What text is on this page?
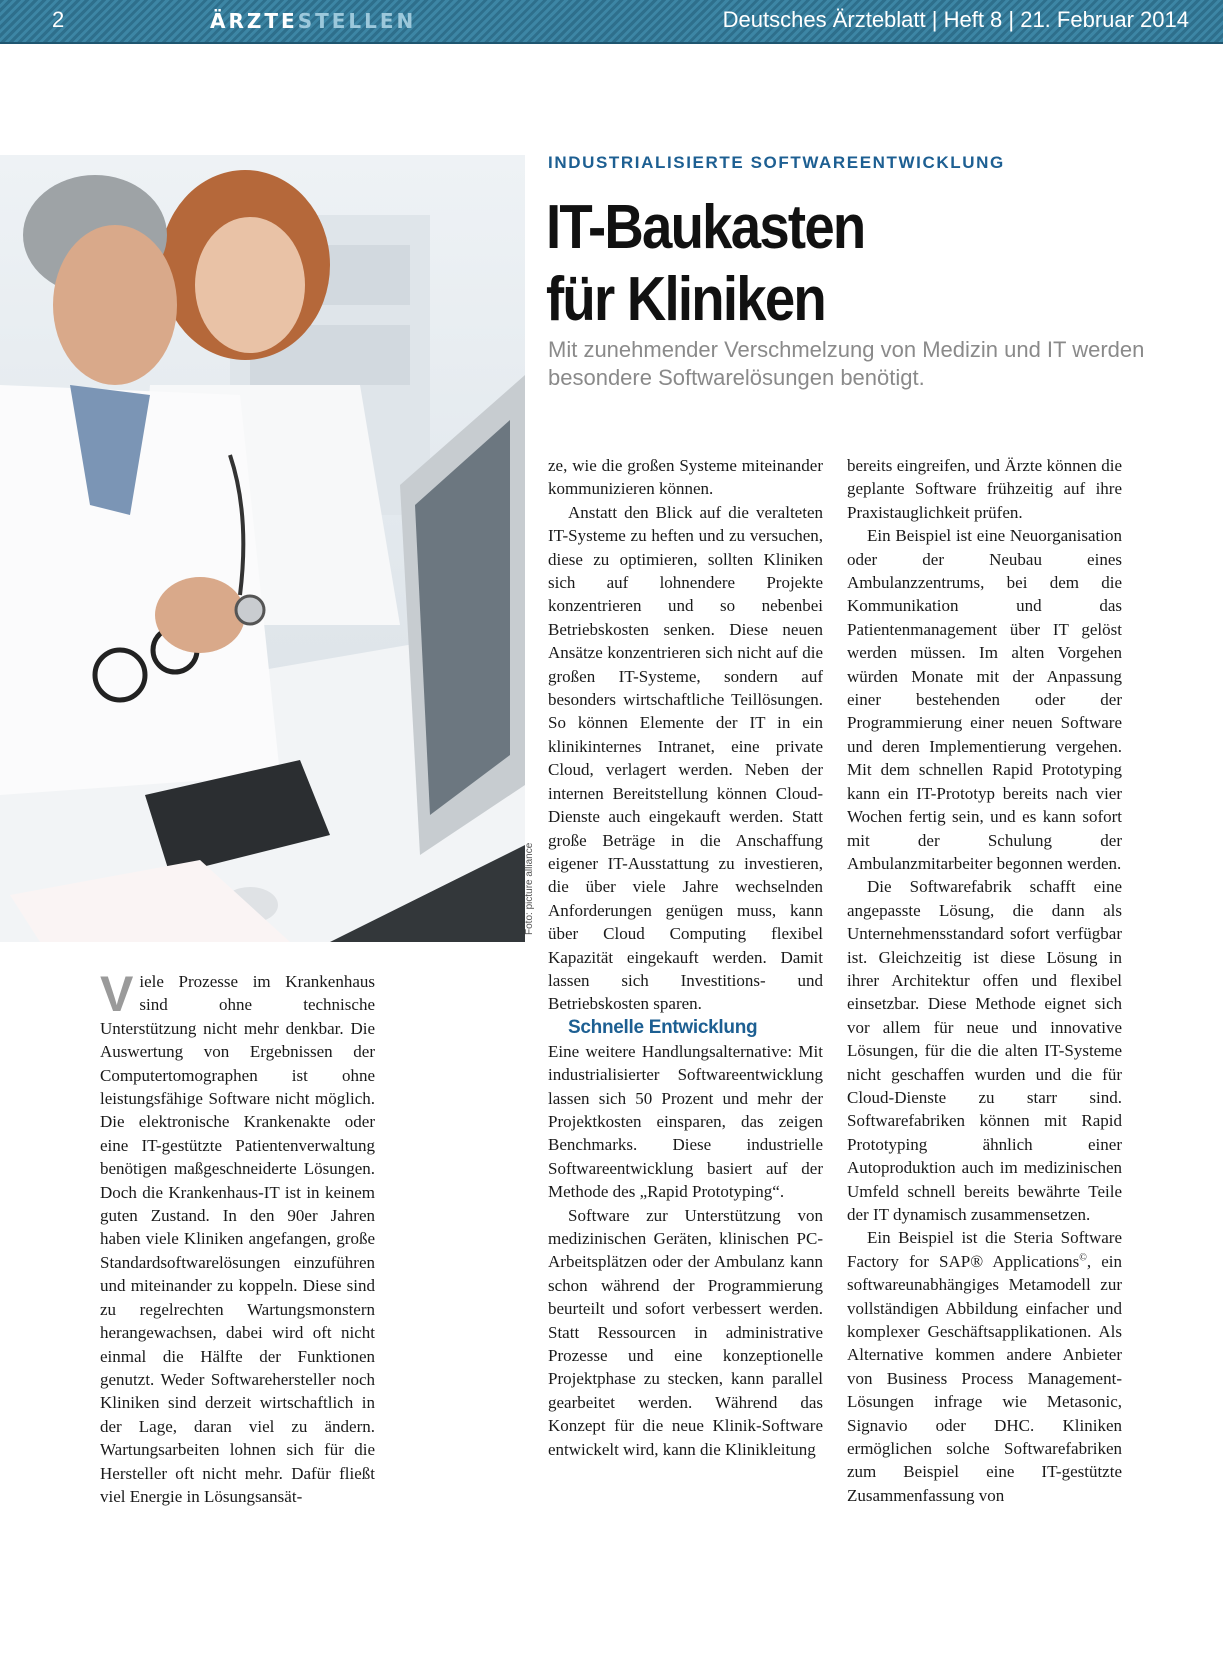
2	ÄRZTESTELLEN	Deutsches Ärzteblatt | Heft 8 | 21. Februar 2014
Foto: picture alliance
INDUSTRIALISIERTE SOFTWAREENTWICKLUNG
IT-Baukasten
für Kliniken

Mit zunehmender Verschmelzung von Medizin und IT werden besondere Softwarelösungen benötigt.

Viele Prozesse im Krankenhaus sind ohne technische Unterstützung nicht mehr denkbar. Die Auswertung von Ergebnissen der Computertomographen ist ohne leistungsfähige Software nicht möglich. Die elektronische Krankenakte oder eine IT-gestützte Patientenverwaltung benötigen maßgeschneiderte Lösungen. Doch die Krankenhaus-IT ist in keinem guten Zustand. In den 90er Jahren haben viele Kliniken angefangen, große Standardsoftwarelösungen einzuführen und miteinander zu koppeln. Diese sind zu regelrechten Wartungsmonstern herangewachsen, dabei wird oft nicht einmal die Hälfte der Funktionen genutzt. Weder Softwarehersteller noch Kliniken sind derzeit wirtschaftlich in der Lage, daran viel zu ändern. Wartungsarbeiten lohnen sich für die Hersteller oft nicht mehr. Dafür fließt viel Energie in Lösungsansät-

ze, wie die großen Systeme miteinander kommunizieren können.

Anstatt den Blick auf die veralteten IT-Systeme zu heften und zu versuchen, diese zu optimieren, sollten Kliniken sich auf lohnendere Projekte konzentrieren und so nebenbei Betriebskosten senken. Diese neuen Ansätze konzentrieren sich nicht auf die großen IT-Systeme, sondern auf besonders wirtschaftliche Teillösungen. So können Elemente der IT in ein klinikinternes Intranet, eine private Cloud, verlagert werden. Neben der internen Bereitstellung können Cloud-Dienste auch eingekauft werden. Statt große Beträge in die Anschaffung eigener IT-Ausstattung zu investieren, die über viele Jahre wechselnden Anforderungen genügen muss, kann über Cloud Computing flexibel Kapazität eingekauft werden. Damit lassen sich Investitions- und Betriebskosten sparen.

Schnelle Entwicklung

Eine weitere Handlungsalternative: Mit industrialisierter Softwareentwicklung lassen sich 50 Prozent und mehr der Projektkosten einsparen, das zeigen Benchmarks. Diese industrielle Softwareentwicklung basiert auf der Methode des „Rapid Prototyping“.

Software zur Unterstützung von medizinischen Geräten, klinischen PC-Arbeitsplätzen oder der Ambulanz kann schon während der Programmierung beurteilt und sofort verbessert werden. Statt Ressourcen in administrative Prozesse und eine konzeptionelle Projektphase zu stecken, kann parallel gearbeitet werden. Während das Konzept für die neue Klinik-Software entwickelt wird, kann die Klinikleitung

bereits eingreifen, und Ärzte können die geplante Software frühzeitig auf ihre Praxistauglichkeit prüfen.

Ein Beispiel ist eine Neuorganisation oder der Neubau eines Ambulanzzentrums, bei dem die Kommunikation und das Patientenmanagement über IT gelöst werden müssen. Im alten Vorgehen würden Monate mit der Anpassung einer bestehenden oder der Programmierung einer neuen Software und deren Implementierung vergehen. Mit dem schnellen Rapid Prototyping kann ein IT-Prototyp bereits nach vier Wochen fertig sein, und es kann sofort mit der Schulung der Ambulanzmitarbeiter begonnen werden.

Die Softwarefabrik schafft eine angepasste Lösung, die dann als Unternehmensstandard sofort verfügbar ist. Gleichzeitig ist diese Lösung in ihrer Architektur offen und flexibel einsetzbar. Diese Methode eignet sich vor allem für neue und innovative Lösungen, für die die alten IT-Systeme nicht geschaffen wurden und die für Cloud-Dienste zu starr sind. Softwarefabriken können mit Rapid Prototyping ähnlich einer Autoproduktion auch im medizinischen Umfeld schnell bereits bewährte Teile der IT dynamisch zusammensetzen.

Ein Beispiel ist die Steria Software Factory for SAP® Applications©, ein softwareunabhängiges Metamodell zur vollständigen Abbildung einfacher und komplexer Geschäftsapplikationen. Als Alternative kommen andere Anbieter von Business Process Management-Lösungen infrage wie Metasonic, Signavio oder DHC. Kliniken ermöglichen solche Softwarefabriken zum Beispiel eine IT-gestützte Zusammenfassung von
